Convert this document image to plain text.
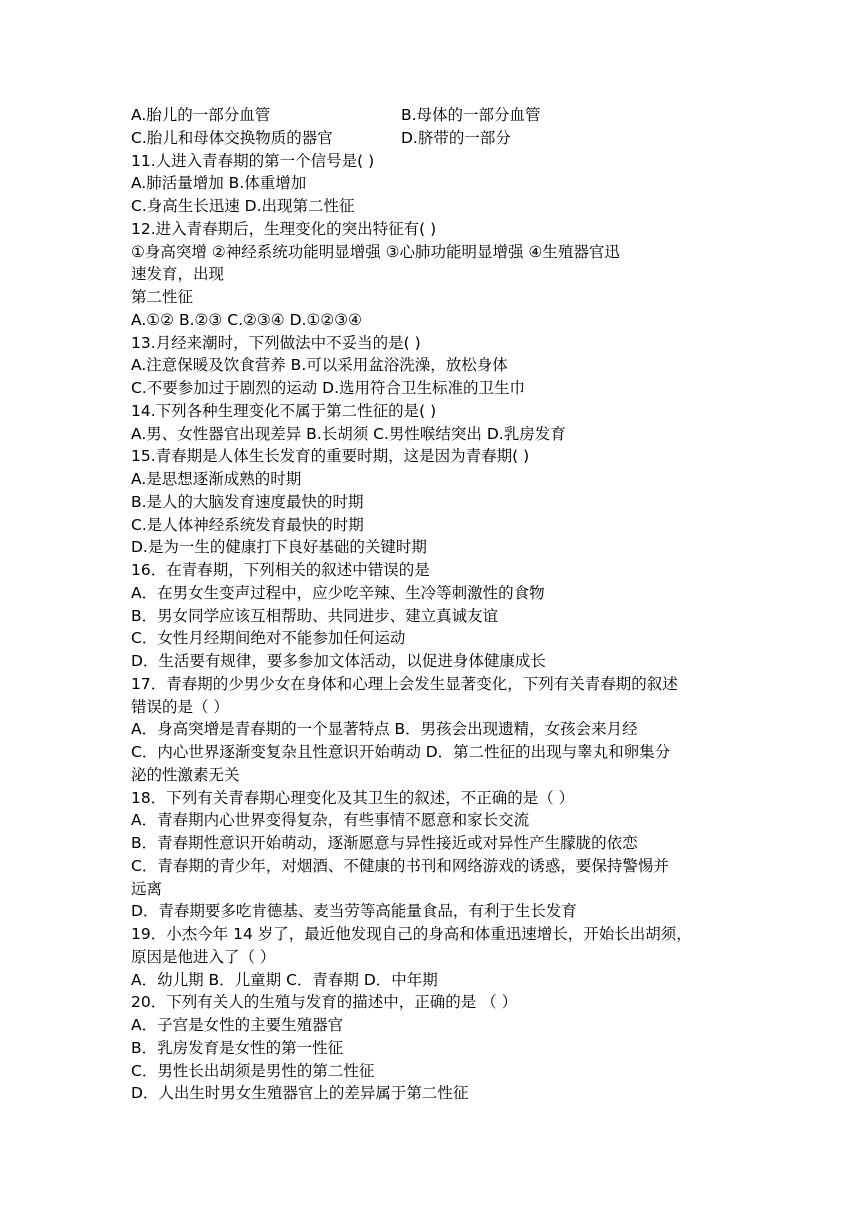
A.胎儿的一部分血管	B.母体的一部分血管
C.胎儿和母体交换物质的器官	D.脐带的一部分
11.人进入青春期的第一个信号是( )
A.肺活量增加 B.体重增加
C.身高生长迅速 D.出现第二性征
12.进入青春期后，生理变化的突出特征有( )
①身高突增 ②神经系统功能明显增强 ③心肺功能明显增强 ④生殖器官迅
速发育，出现
第二性征
A.①② B.②③ C.②③④ D.①②③④
13.月经来潮时，下列做法中不妥当的是( )
A.注意保暖及饮食营养 B.可以采用盆浴洗澡，放松身体
C.不要参加过于剧烈的运动 D.选用符合卫生标准的卫生巾
14.下列各种生理变化不属于第二性征的是( )
A.男、女性器官出现差异 B.长胡须 C.男性喉结突出 D.乳房发育
15.青春期是人体生长发育的重要时期，这是因为青春期( )
A.是思想逐渐成熟的时期
B.是人的大脑发育速度最快的时期
C.是人体神经系统发育最快的时期
D.是为一生的健康打下良好基础的关键时期
16．在青春期，下列相关的叙述中错误的是
A．在男女生变声过程中，应少吃辛辣、生冷等刺激性的食物
B．男女同学应该互相帮助、共同进步、建立真诚友谊
C．女性月经期间绝对不能参加任何运动
D．生活要有规律，要多参加文体活动，以促进身体健康成长
17．青春期的少男少女在身体和心理上会发生显著变化，下列有关青春期的叙述
错误的是（ ）
A．身高突增是青春期的一个显著特点 B．男孩会出现遗精，女孩会来月经
C．内心世界逐渐变复杂且性意识开始萌动 D．第二性征的出现与睾丸和卵集分
泌的性激素无关
18．下列有关青春期心理变化及其卫生的叙述，不正确的是（ ）
A．青春期内心世界变得复杂，有些事情不愿意和家长交流
B．青春期性意识开始萌动，逐渐愿意与异性接近或对异性产生朦胧的依恋
C．青春期的青少年，对烟酒、不健康的书刊和网络游戏的诱惑，要保持警惕并
远离
D．青春期要多吃肯德基、麦当劳等高能量食品，有利于生长发育
19．小杰今年 14 岁了，最近他发现自己的身高和体重迅速增长，开始长出胡须，
原因是他进入了（ ）
A．幼儿期 B．儿童期 C．青春期 D．中年期
20．下列有关人的生殖与发育的描述中，正确的是 （ ）
A．子宫是女性的主要生殖器官
B．乳房发育是女性的第一性征
C．男性长出胡须是男性的第二性征
D．人出生时男女生殖器官上的差异属于第二性征
